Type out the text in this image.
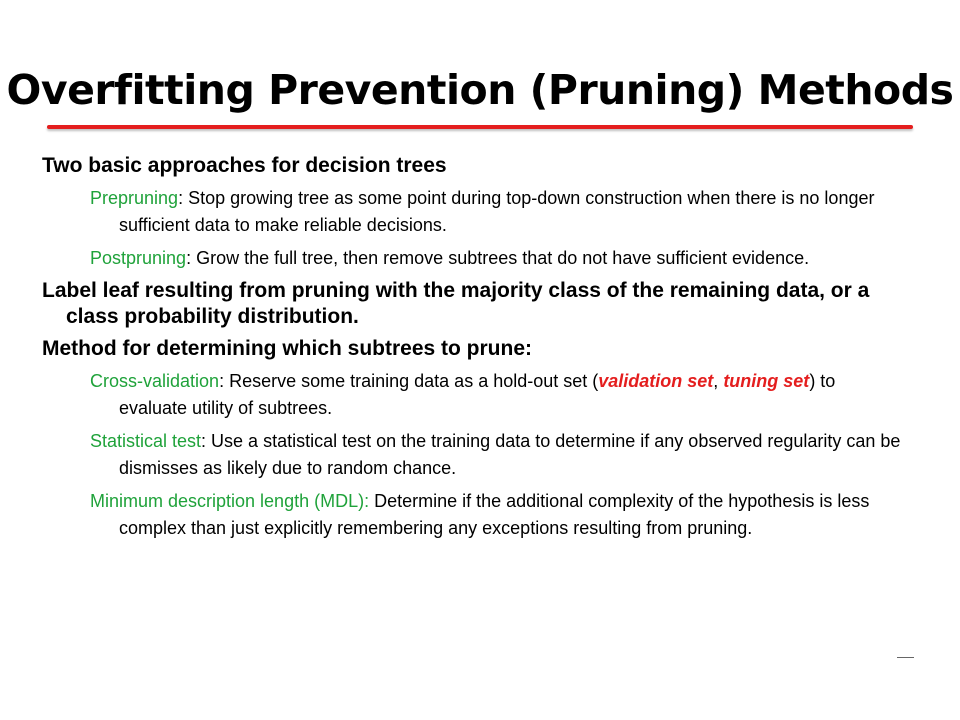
Overfitting Prevention (Pruning) Methods
Two basic approaches for decision trees
Prepruning: Stop growing tree as some point during top-down construction when there is no longer sufficient data to make reliable decisions.
Postpruning: Grow the full tree, then remove subtrees that do not have sufficient evidence.
Label leaf resulting from pruning with the majority class of the remaining data, or a class probability distribution.
Method for determining which subtrees to prune:
Cross-validation: Reserve some training data as a hold-out set (validation set, tuning set) to evaluate utility of subtrees.
Statistical test: Use a statistical test on the training data to determine if any observed regularity can be dismisses as likely due to random chance.
Minimum description length (MDL): Determine if the additional complexity of the hypothesis is less complex than just explicitly remembering any exceptions resulting from pruning.
